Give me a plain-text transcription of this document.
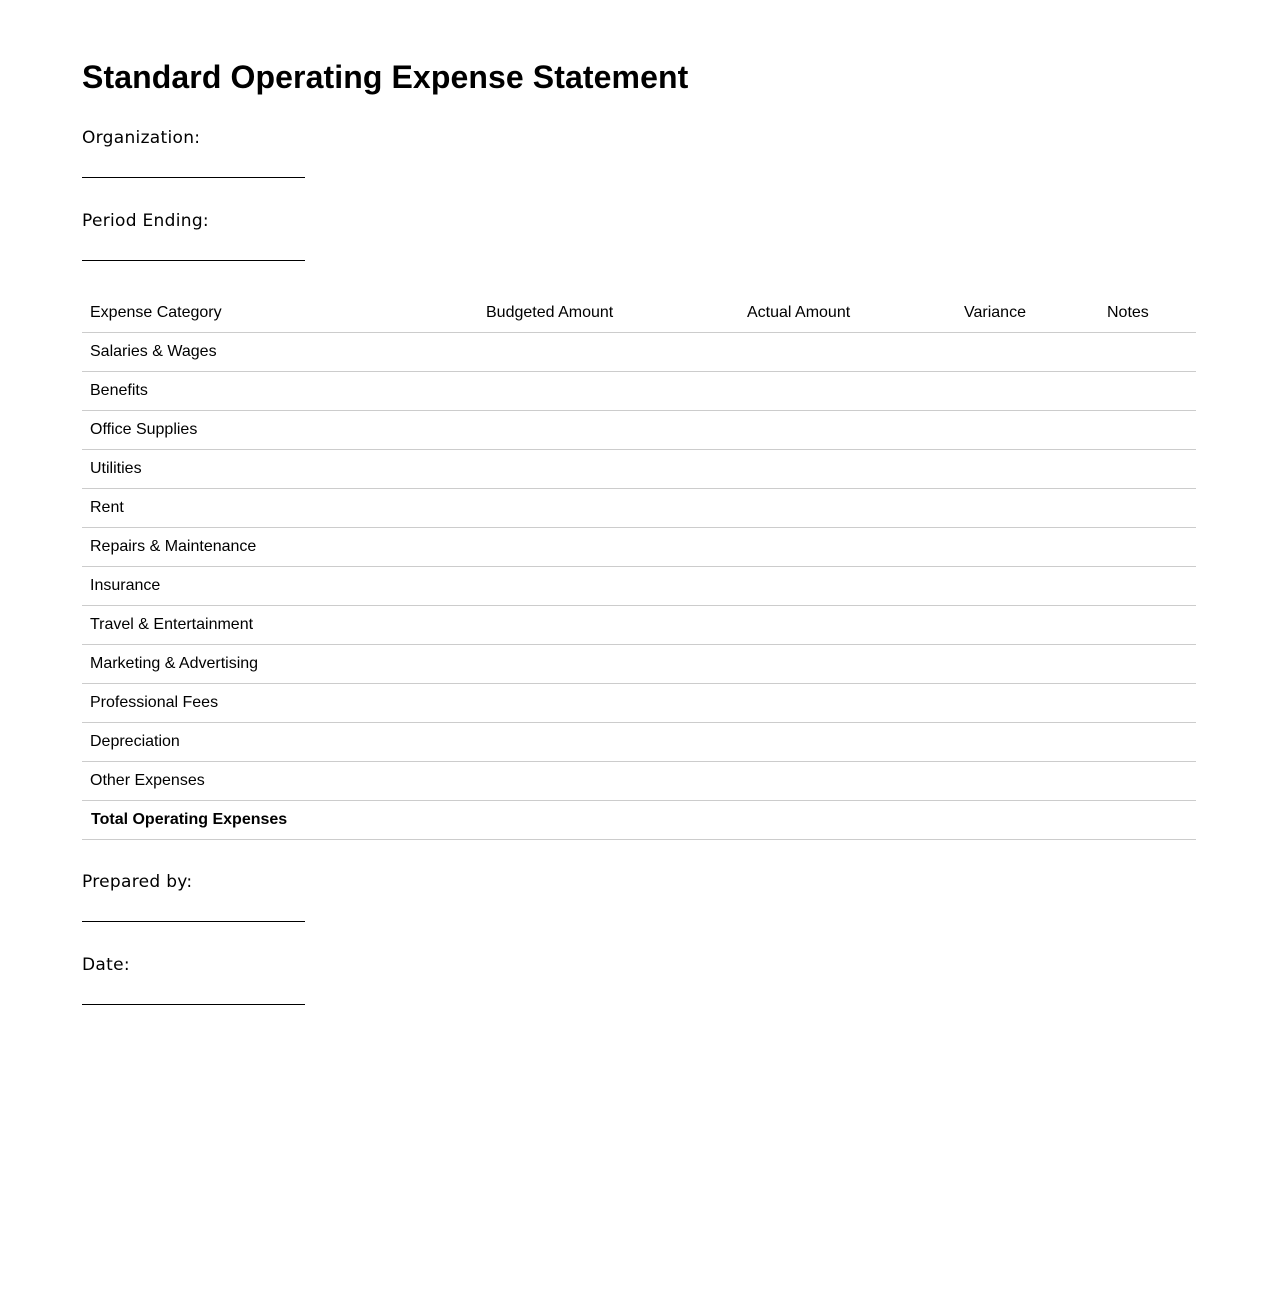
Standard Operating Expense Statement
Organization:
Period Ending:
Expense Category	Budgeted Amount	Actual Amount	Variance	Notes
Salaries & Wages				
Benefits				
Office Supplies				
Utilities				
Rent				
Repairs & Maintenance				
Insurance				
Travel & Entertainment				
Marketing & Advertising				
Professional Fees				
Depreciation				
Other Expenses				
Total Operating Expenses				
Prepared by:
Date:
